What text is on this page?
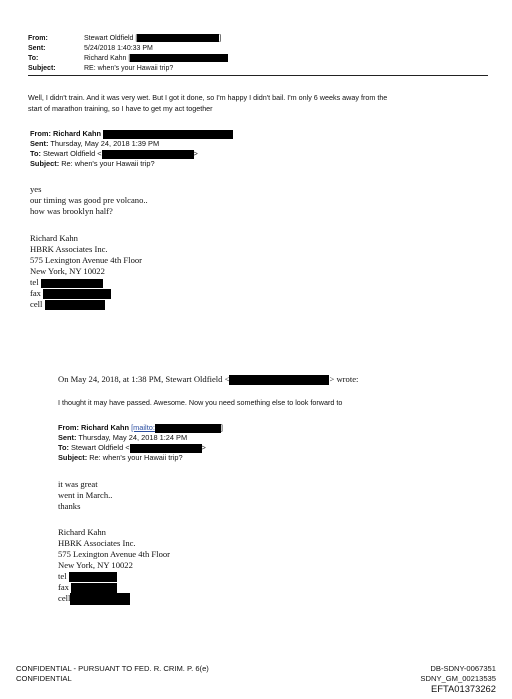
From:	Stewart Oldfield [	]
Sent:	5/24/2018 1:40:33 PM
To:	Richard Kahn [
Subject:	RE: when's your Hawaii trip?
Well, I didn't train. And it was very wet. But I got it done, so I'm happy I didn't bail. I'm only 6 weeks away from the
start of marathon training, so I have to get my act together
From: Richard Kahn
Sent: Thursday, May 24, 2018 1:39 PM
To: Stewart Oldfield <	>
Subject: Re: when's your Hawaii trip?
yes
our timing was good pre volcano..
how was brooklyn half?
Richard Kahn
HBRK Associates Inc.
575 Lexington Avenue 4th Floor
New York, NY 10022
tel
fax
cell
On May 24, 2018, at 1:38 PM, Stewart Oldfield <	> wrote:
I thought it may have passed. Awesome. Now you need something else to look forward to
From: Richard Kahn [mailto:	]
Sent: Thursday, May 24, 2018 1:24 PM
To: Stewart Oldfield <	>
Subject: Re: when's your Hawaii trip?
it was great
went in March..
thanks
Richard Kahn
HBRK Associates Inc.
575 Lexington Avenue 4th Floor
New York, NY 10022
tel
fax
cell
CONFIDENTIAL - PURSUANT TO FED. R. CRIM. P. 6(e)
CONFIDENTIAL
DB-SDNY-0067351
SDNY_GM_00213535
EFTA01373262
